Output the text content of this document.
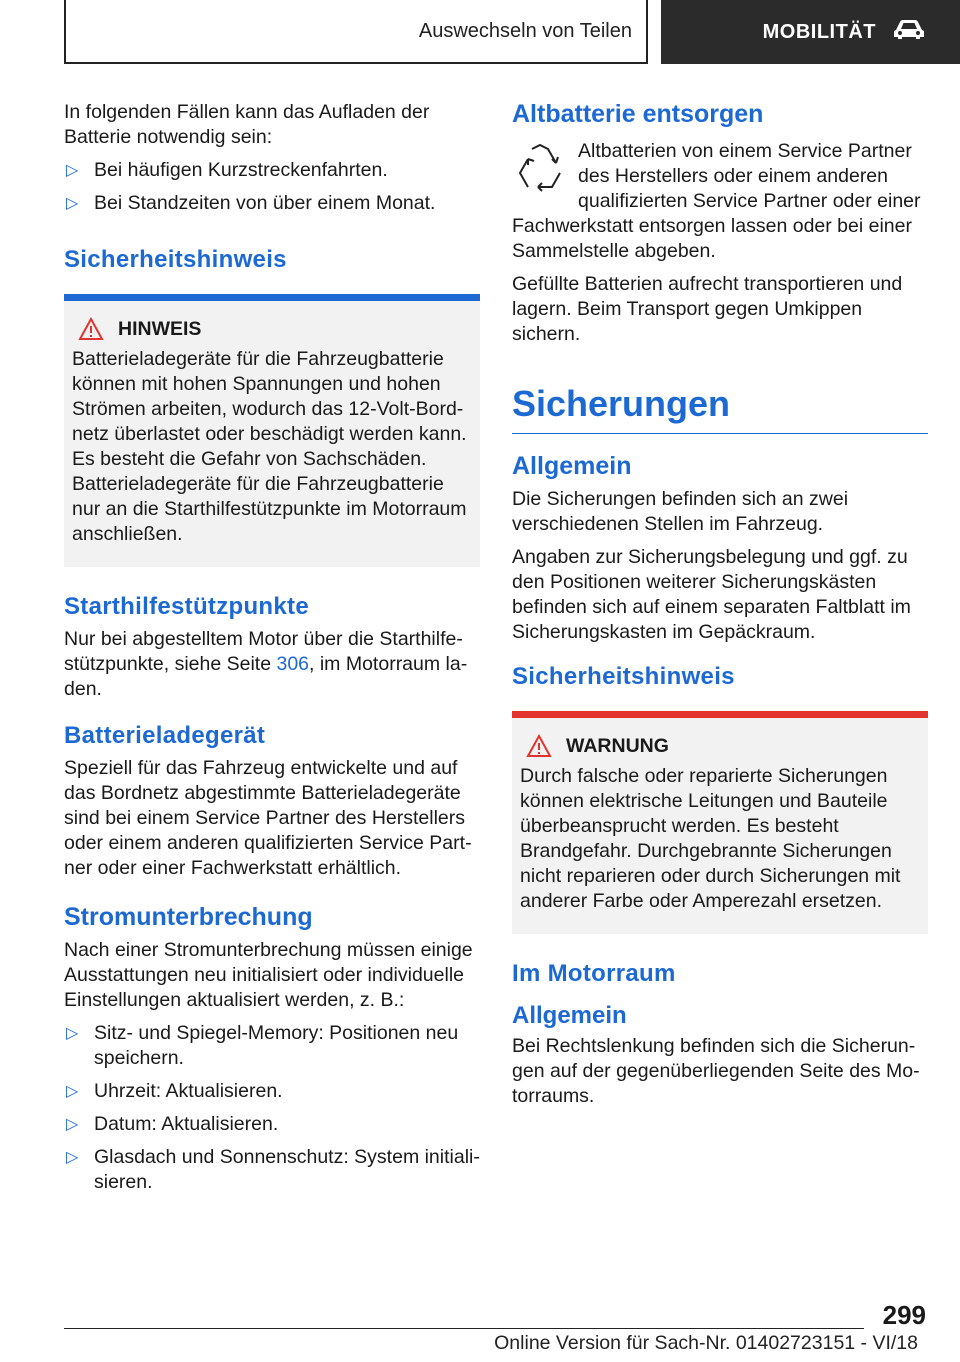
Auswechseln von Teilen	MOBILITÄT

In folgenden Fällen kann das Aufladen der Batterie notwendig sein:

▷ Bei häufigen Kurzstreckenfahrten.
▷ Bei Standzeiten von über einem Monat.
Sicherheitshinweis
HINWEIS

Batterieladegeräte für die Fahrzeugbatterie können mit hohen Spannungen und hohen Strömen arbeiten, wodurch das 12-Volt-Bordnetz überlastet oder beschädigt werden kann. Es besteht die Gefahr von Sachschäden. Batterieladegeräte für die Fahrzeugbatterie nur an die Starthilfestützpunkte im Motorraum anschließen.

Starthilfestützpunkte

Nur bei abgestelltem Motor über die Starthilfestützpunkte, siehe Seite 306, im Motorraum laden.

Batterieladegerät

Speziell für das Fahrzeug entwickelte und auf das Bordnetz abgestimmte Batterieladegeräte sind bei einem Service Partner des Herstellers oder einem anderen qualifizierten Service Partner oder einer Fachwerkstatt erhältlich.

Stromunterbrechung

Nach einer Stromunterbrechung müssen einige Ausstattungen neu initialisiert oder individuelle Einstellungen aktualisiert werden, z. B.:

▷ Sitz- und Spiegel-Memory: Positionen neu speichern.
▷ Uhrzeit: Aktualisieren.
▷ Datum: Aktualisieren.
▷ Glasdach und Sonnenschutz: System initialisieren.
Altbatterie entsorgen

Altbatterien von einem Service Partner des Herstellers oder einem anderen qualifizierten Service Partner oder einer Fachwerkstatt entsorgen lassen oder bei einer Sammelstelle abgeben.

Gefüllte Batterien aufrecht transportieren und lagern. Beim Transport gegen Umkippen sichern.

Sicherungen
Allgemein

Die Sicherungen befinden sich an zwei verschiedenen Stellen im Fahrzeug.

Angaben zur Sicherungsbelegung und ggf. zu den Positionen weiterer Sicherungskästen befinden sich auf einem separaten Faltblatt im Sicherungskasten im Gepäckraum.

Sicherheitshinweis
WARNUNG

Durch falsche oder reparierte Sicherungen können elektrische Leitungen und Bauteile überbeansprucht werden. Es besteht Brandgefahr. Durchgebrannte Sicherungen nicht reparieren oder durch Sicherungen mit anderer Farbe oder Amperezahl ersetzen.

Im Motorraum
Allgemein

Bei Rechtslenkung befinden sich die Sicherungen auf der gegenüberliegenden Seite des Motorraums.

299
Online Version für Sach-Nr. 01402723151 - VI/18
